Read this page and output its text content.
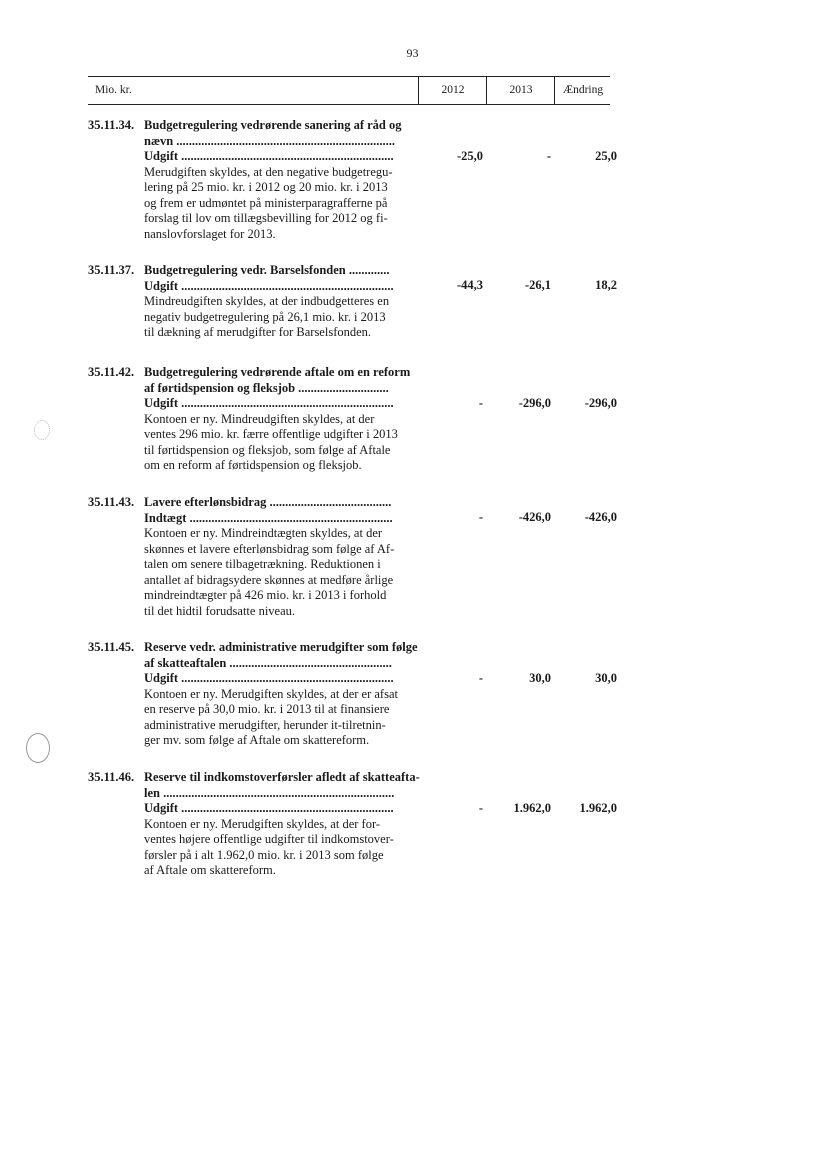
93
Mio. kr.	2012	2013	Ændring
35.11.34. Budgetregulering vedrørende sanering af råd og
nævn ......................................................................
Udgift ....................................................................
Merudgiften skyldes, at den negative budgetregu-
lering på 25 mio. kr. i 2012 og 20 mio. kr. i 2013
og frem er udmøntet på ministerparagrafferne på
forslag til lov om tillægsbevilling for 2012 og fi-
nanslovforslaget for 2013.
-25,0	-	25,0
35.11.37. Budgetregulering vedr. Barselsfonden .............
Udgift ....................................................................
Mindreudgiften skyldes, at der indbudgetteres en
negativ budgetregulering på 26,1 mio. kr. i 2013
til dækning af merudgifter for Barselsfonden.
-44,3	-26,1	18,2
35.11.42. Budgetregulering vedrørende aftale om en reform
af førtidspension og fleksjob .............................
Udgift ....................................................................
Kontoen er ny. Mindreudgiften skyldes, at der
ventes 296 mio. kr. færre offentlige udgifter i 2013
til førtidspension og fleksjob, som følge af Aftale
om en reform af førtidspension og fleksjob.
-	-296,0	-296,0
35.11.43. Lavere efterlønsbidrag .......................................
Indtægt .................................................................
Kontoen er ny. Mindreindtægten skyldes, at der
skønnes et lavere efterlønsbidrag som følge af Af-
talen om senere tilbagetrækning. Reduktionen i
antallet af bidragsydere skønnes at medføre årlige
mindreindtægter på 426 mio. kr. i 2013 i forhold
til det hidtil forudsatte niveau.
-	-426,0	-426,0
35.11.45. Reserve vedr. administrative merudgifter som følge
af skatteaftalen ....................................................
Udgift ....................................................................
Kontoen er ny. Merudgiften skyldes, at der er afsat
en reserve på 30,0 mio. kr. i 2013 til at finansiere
administrative merudgifter, herunder it-tilretnin-
ger mv. som følge af Aftale om skattereform.
-	30,0	30,0
35.11.46. Reserve til indkomstoverførsler afledt af skatteafta-
len ..........................................................................
Udgift ....................................................................
Kontoen er ny. Merudgiften skyldes, at der for-
ventes højere offentlige udgifter til indkomstover-
førsler på i alt 1.962,0 mio. kr. i 2013 som følge
af Aftale om skattereform.
-	1.962,0	1.962,0
